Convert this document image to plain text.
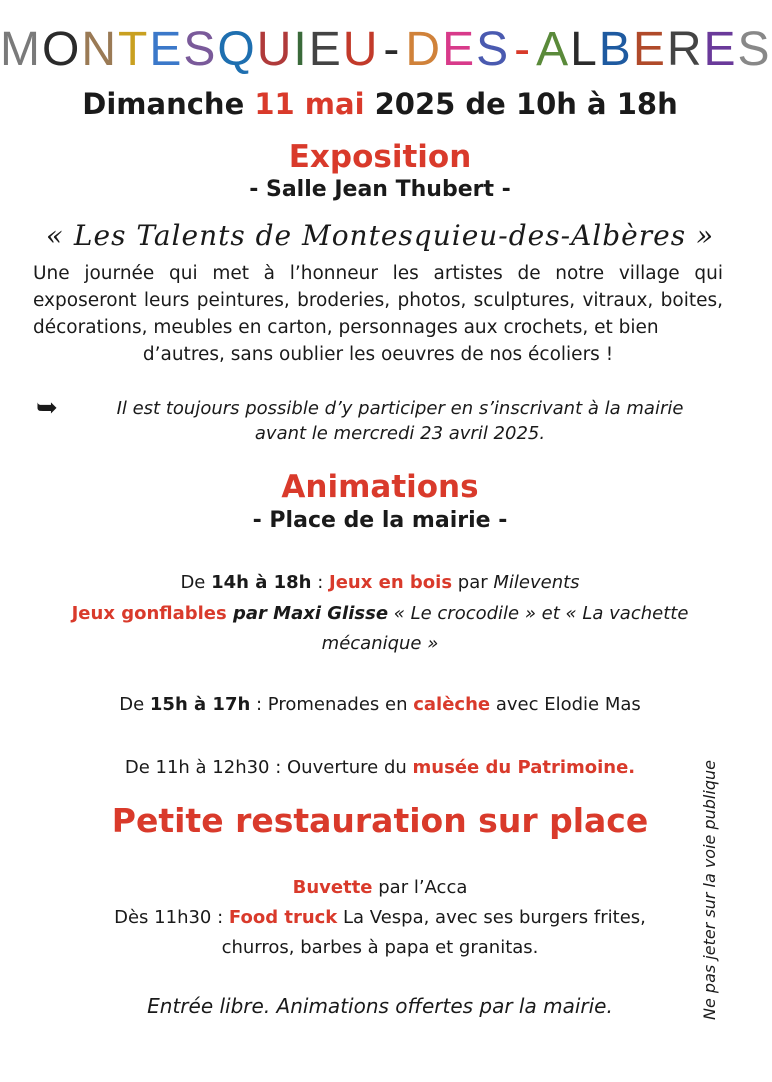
MONTESQUIEU-DES-ALBERES
Dimanche 11 mai 2025 de 10h à 18h
Exposition
- Salle Jean Thubert -
« Les Talents de Montesquieu-des-Albères »
Une journée qui met à l’honneur les artistes de notre village qui exposeront leurs peintures, broderies, photos, sculptures, vitraux, boites, décorations, meubles en carton, personnages aux crochets, et bien
d’autres, sans oublier les oeuvres de nos écoliers !
➥	Il est toujours possible d’y participer en s’inscrivant à la mairie
avant le mercredi 23 avril 2025.
Animations
- Place de la mairie -
De 14h à 18h : Jeux en bois par Milevents
Jeux gonflables par Maxi Glisse « Le crocodile » et « La vachette
mécanique »
De 15h à 17h : Promenades en calèche avec Elodie Mas
De 11h à 12h30 : Ouverture du musée du Patrimoine.
Petite restauration sur place
Buvette par l’Acca
Dès 11h30 : Food truck La Vespa, avec ses burgers frites,
churros, barbes à papa et granitas.
Entrée libre. Animations offertes par la mairie.	Ne pas jeter sur la voie publique
